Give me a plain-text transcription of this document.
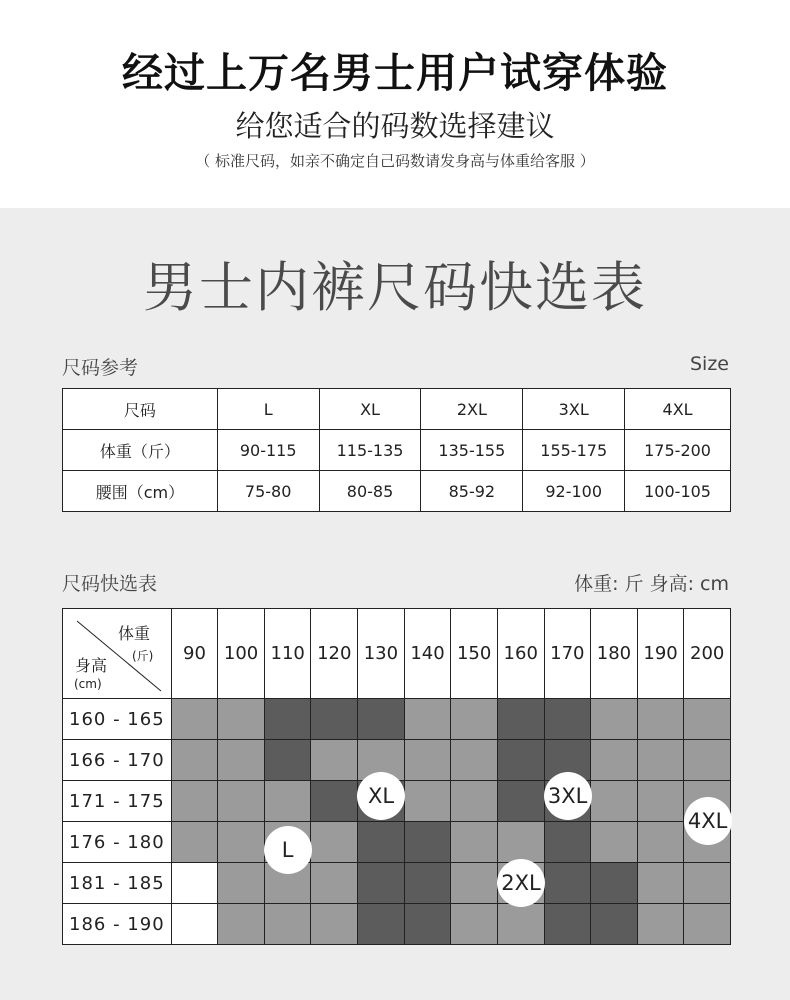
经过上万名男士用户试穿体验
给您适合的码数选择建议
（ 标准尺码，如亲不确定自己码数请发身高与体重给客服 ）
男士内裤尺码快选表
尺码参考	Size
尺码	L	XL	2XL	3XL	4XL
体重（斤）	90-115	115-135	135-155	155-175	175-200
腰围（cm）	75-80	80-85	85-92	92-100	100-105
尺码快选表	体重: 斤 身高: cm
体重
(斤)
身高
(cm)	90	100	110	120	130	140	150	160	170	180	190	200
160 - 165												
166 - 170												
171 - 175												
176 - 180												
181 - 185												
186 - 190												
L
XL
2XL
3XL
4XL
